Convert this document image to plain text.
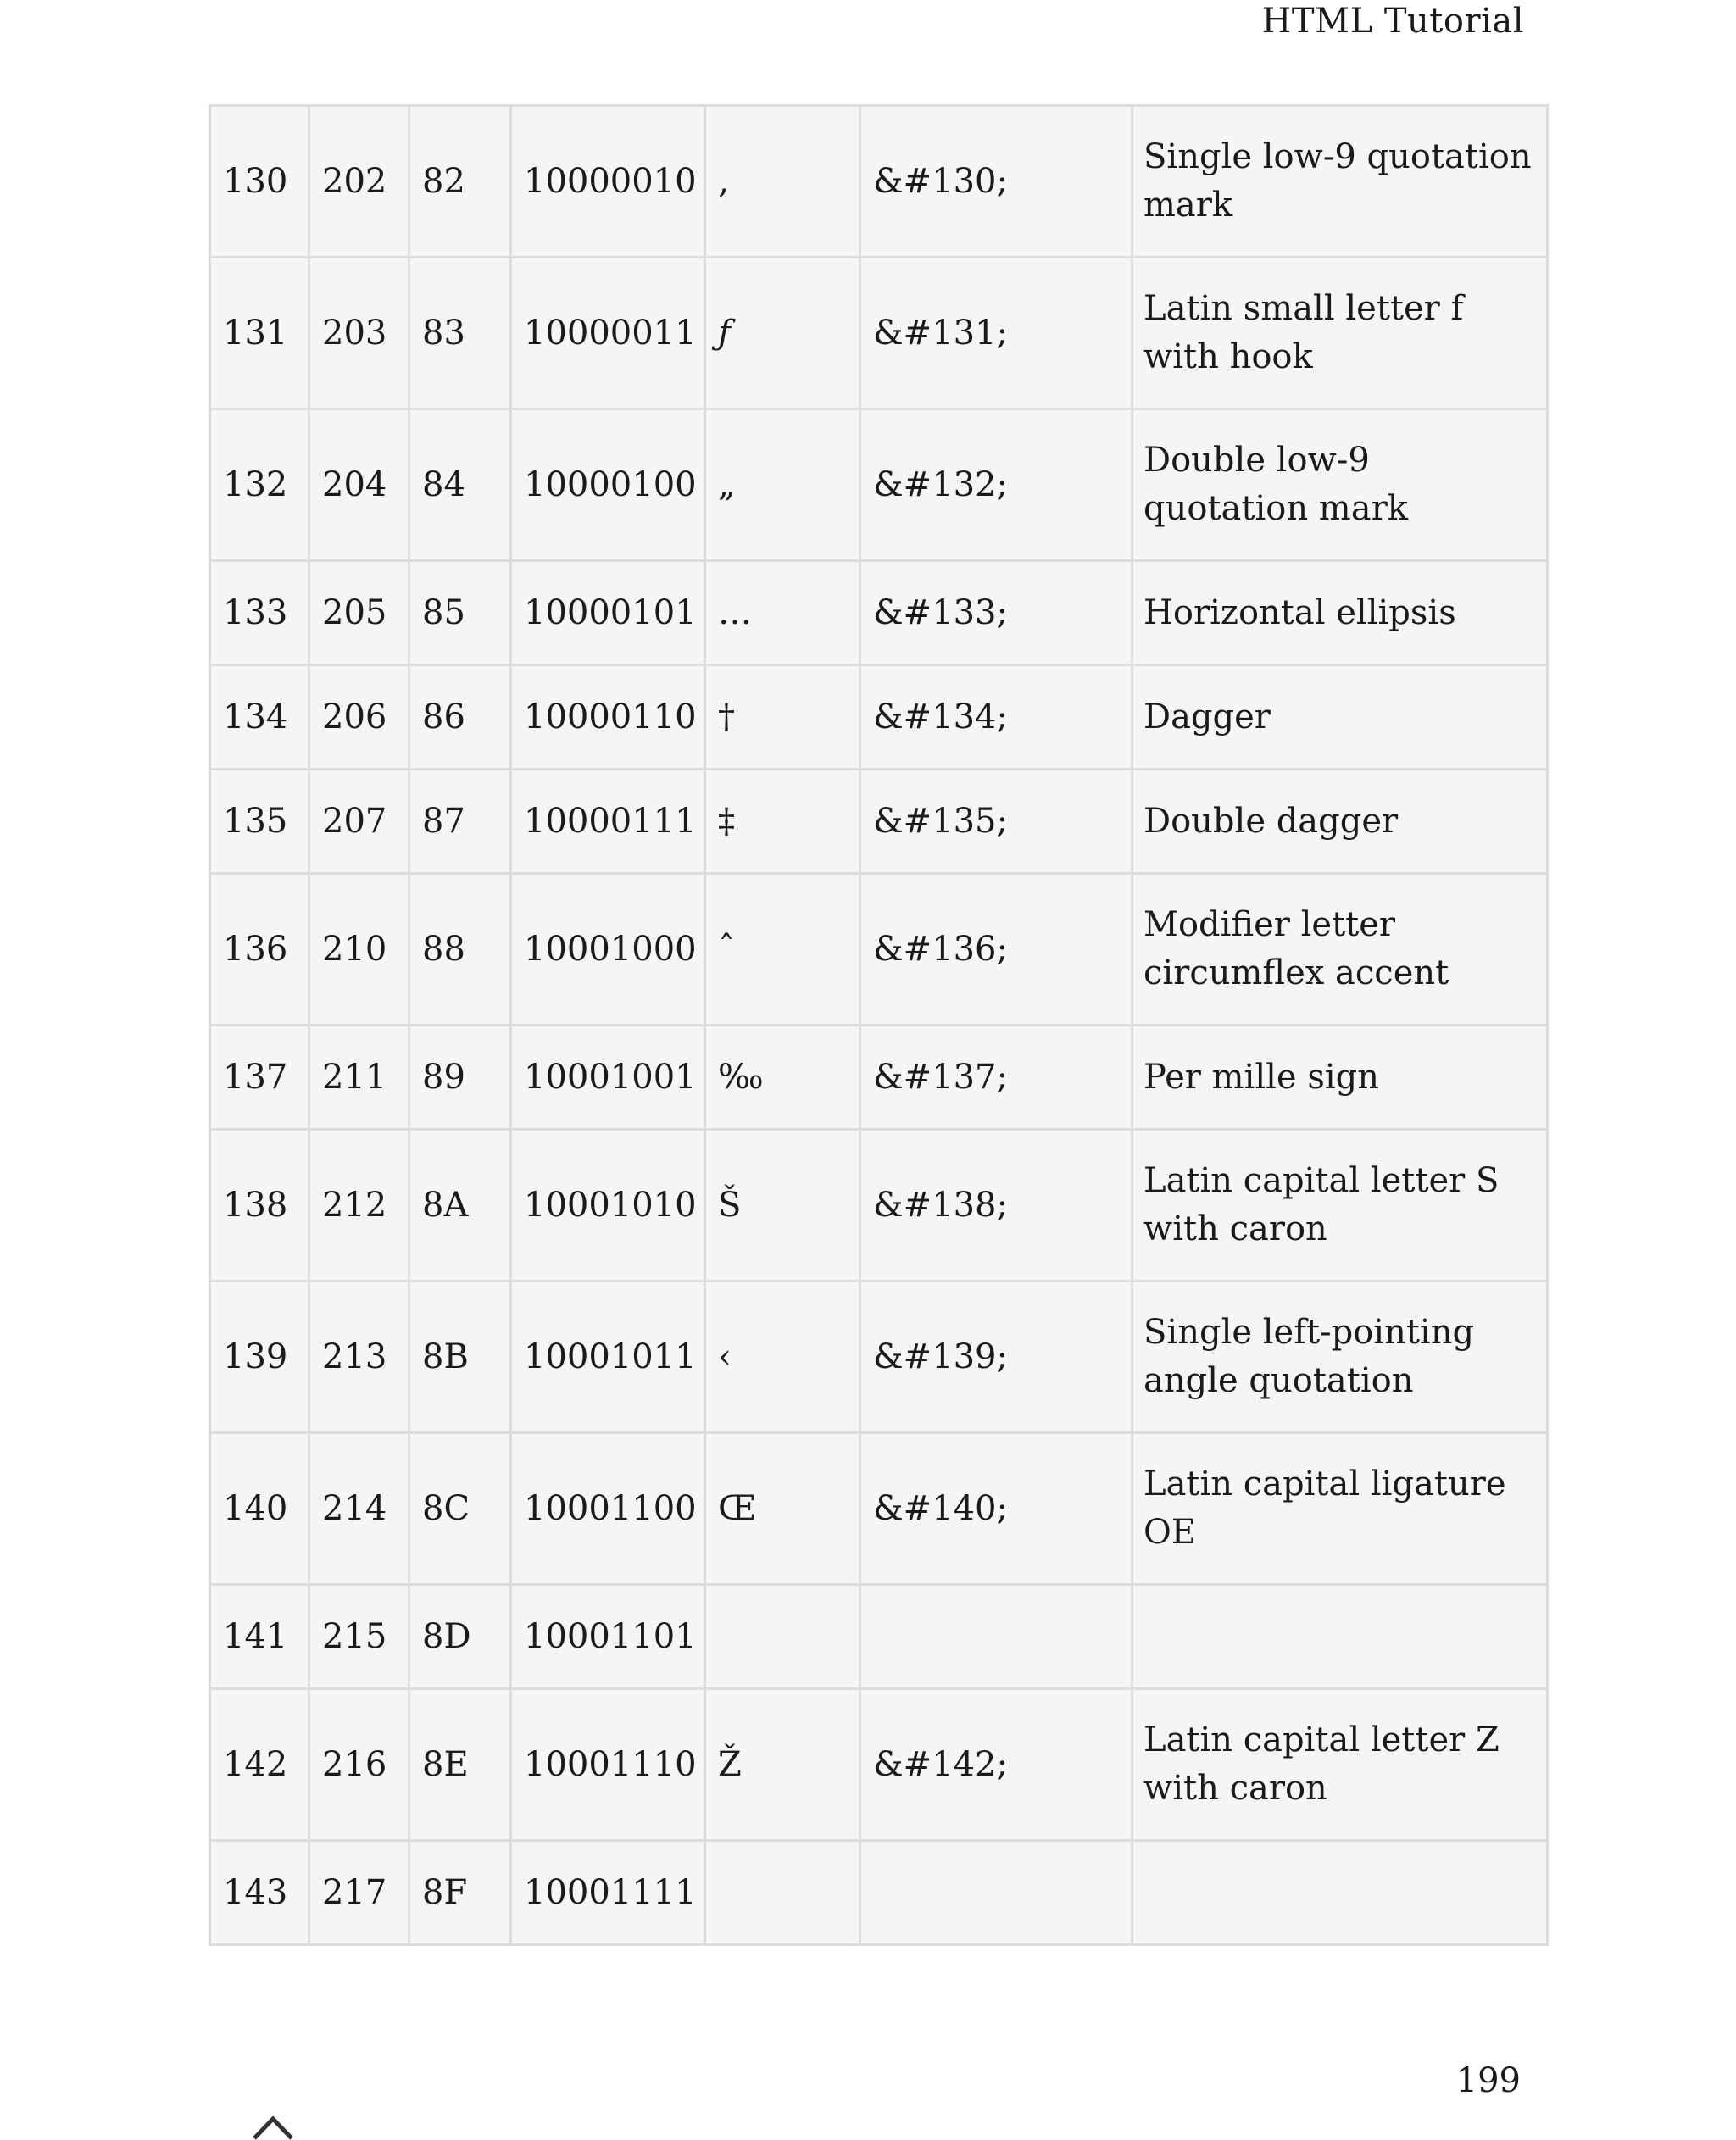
HTML Tutorial
130	202	82	10000010	‚	&#130;	Single low-9 quotation mark
131	203	83	10000011	ƒ	&#131;	Latin small letter f with hook
132	204	84	10000100	„	&#132;	Double low-9 quotation mark
133	205	85	10000101	…	&#133;	Horizontal ellipsis
134	206	86	10000110	†	&#134;	Dagger
135	207	87	10000111	‡	&#135;	Double dagger
136	210	88	10001000	ˆ	&#136;	Modifier letter circumflex accent
137	211	89	10001001	‰	&#137;	Per mille sign
138	212	8A	10001010	Š	&#138;	Latin capital letter S with caron
139	213	8B	10001011	‹	&#139;	Single left-pointing angle quotation
140	214	8C	10001100	Œ	&#140;	Latin capital ligature OE
141	215	8D	10001101			
142	216	8E	10001110	Ž	&#142;	Latin capital letter Z with caron
143	217	8F	10001111			
199
